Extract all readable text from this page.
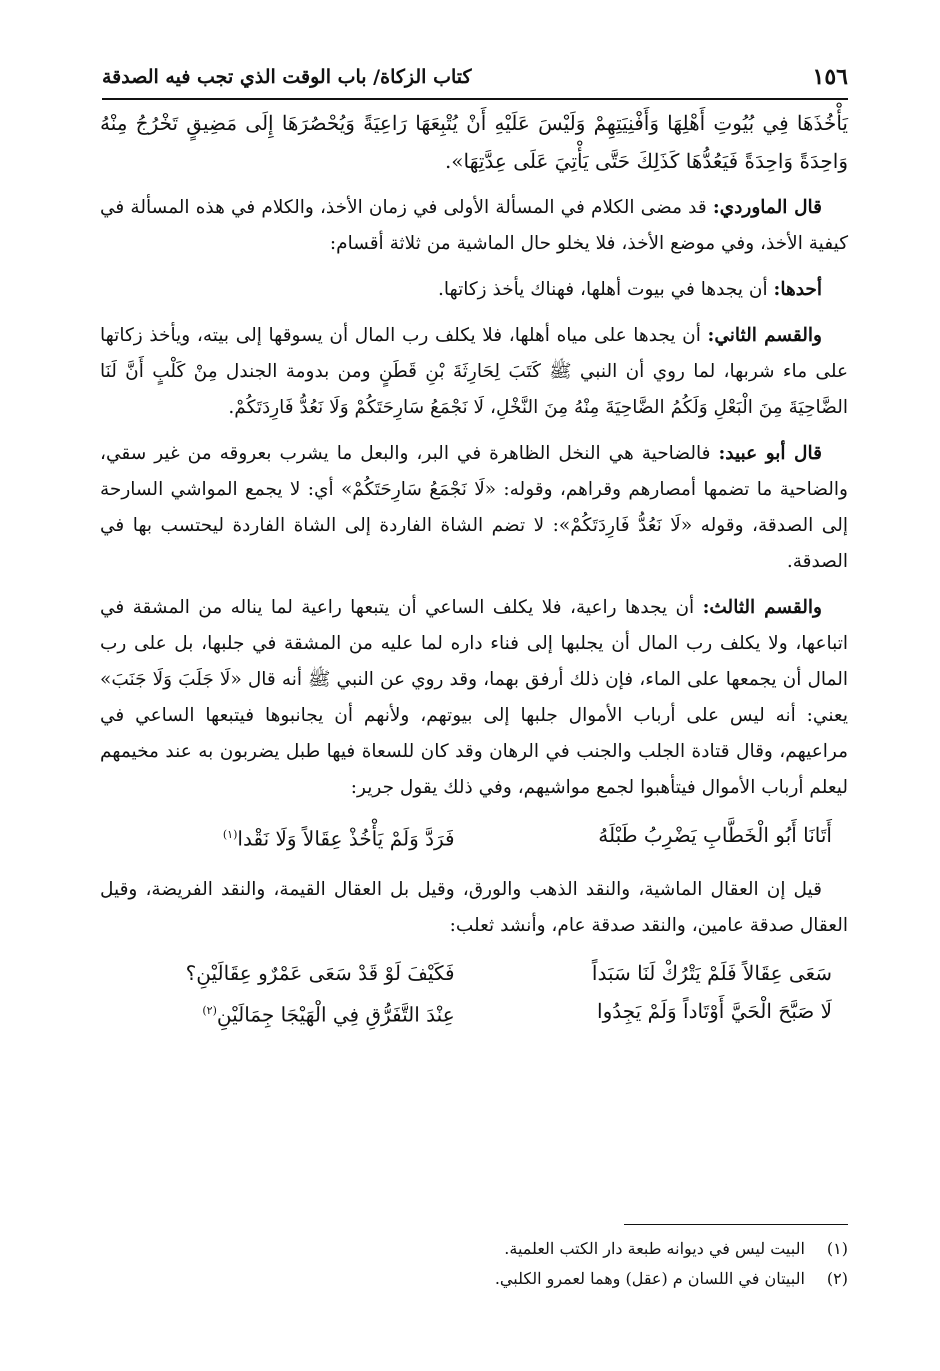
١٥٦
كتاب الزكاة/ باب الوقت الذي تجب فيه الصدقة

يَأْخُذَهَا فِي بُيُوتِ أَهْلِهَا وَأَفْنِيَتِهِمْ وَلَيْسَ عَلَيْهِ أَنْ يُتْبِعَهَا رَاعِيَةً وَيُحْصُرَهَا إِلَى مَضِيقٍ تَخْرُجُ مِنْهُ وَاحِدَةً وَاحِدَةً فَيَعُدُّهَا كَذَلِكَ حَتَّى يَأْتِيَ عَلَى عِدَّتِهَا».

قال الماوردي: قد مضى الكلام في المسألة الأولى في زمان الأخذ، والكلام في هذه المسألة في كيفية الأخذ، وفي موضع الأخذ، فلا يخلو حال الماشية من ثلاثة أقسام:

أحدها: أن يجدها في بيوت أهلها، فهناك يأخذ زكاتها.

والقسم الثاني: أن يجدها على مياه أهلها، فلا يكلف رب المال أن يسوقها إلى بيته، ويأخذ زكاتها على ماء شربها، لما روي أن النبي ﷺ كَتَبَ لِحَارِثَةَ بْنِ قَطَنٍ ومن بدومة الجندل مِنْ كَلْبٍ أَنَّ لَنَا الضَّاحِيَةَ مِنَ الْبَعْلِ وَلَكُمُ الضَّاحِيَةَ مِنْهُ مِنَ النَّخْلِ، لَا نَجْمَعُ سَارِحَتَكُمْ وَلَا نَعُدُّ فَارِدَتَكُمْ.

قال أبو عبيد: فالضاحية هي النخل الظاهرة في البر، والبعل ما يشرب بعروقه من غير سقي، والضاحية ما تضمها أمصارهم وقراهم، وقوله: «لَا نَجْمَعُ سَارِحَتَكُمْ» أي: لا يجمع المواشي السارحة إلى الصدقة، وقوله «لَا نَعُدُّ فَارِدَتَكُمْ»: لا تضم الشاة الفاردة إلى الشاة الفاردة ليحتسب بها في الصدقة.

والقسم الثالث: أن يجدها راعية، فلا يكلف الساعي أن يتبعها راعية لما يناله من المشقة في اتباعها، ولا يكلف رب المال أن يجلبها إلى فناء داره لما عليه من المشقة في جلبها، بل على رب المال أن يجمعها على الماء، فإن ذلك أرفق بهما، وقد روي عن النبي ﷺ أنه قال «لَا جَلَبَ وَلَا جَنَبَ» يعني: أنه ليس على أرباب الأموال جلبها إلى بيوتهم، ولأنهم أن يجانبوها فيتبعها الساعي في مراعيهم، وقال قتادة الجلب والجنب في الرهان وقد كان للسعاة فيها طبل يضربون به عند مخيمهم ليعلم أرباب الأموال فيتأهبوا لجمع مواشيهم، وفي ذلك يقول جرير:

أَتَانَا أَبُو الْخَطَّابِ يَضْرِبُ طَبْلَهُ
فَرَدَّ وَلَمْ يَأْخُذْ عِقَالاً وَلَا نَقْدا$^{(١)}$

قيل إن العقال الماشية، والنقد الذهب والورق، وقيل بل العقال القيمة، والنقد الفريضة، وقيل العقال صدقة عامين، والنقد صدقة عام، وأنشد ثعلب:

سَعَى عِقَالاً فَلَمْ يَتْرُكْ لَنَا سَبَداً
فَكَيْفَ لَوْ قَدْ سَعَى عَمْرٌو عِقَالَيْنِ؟
لَا صَبَّحَ الْحَيَّ أَوْتَاداً وَلَمْ يَجِدُوا
عِنْدَ التَّفَرُّقِ فِي الْهَيْجَا جِمَالَيْنِ$^{(٢)}$
(١) البيت ليس في ديوانه طبعة دار الكتب العلمية.
(٢) البيتان في اللسان م (عقل) وهما لعمرو الكلبي.
